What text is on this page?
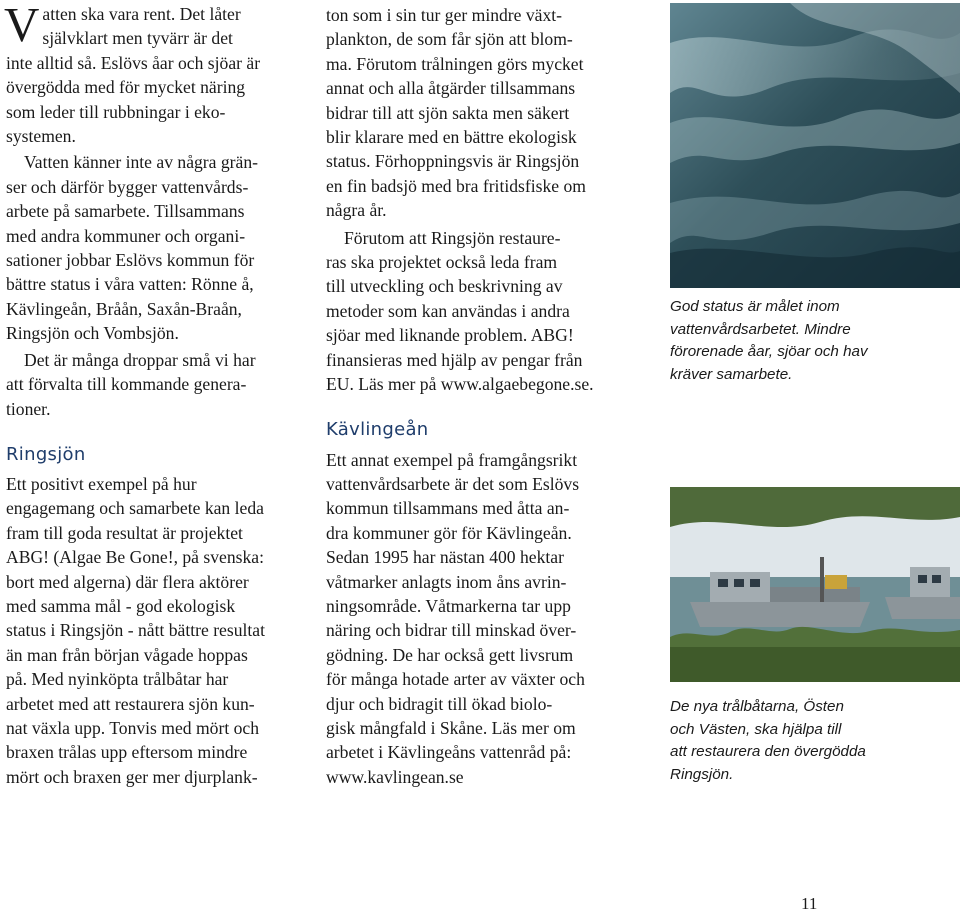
V atten ska vara rent. Det låter
självklart men tyvärr är det
inte alltid så. Eslövs åar och sjöar är
övergödda med för mycket näring
som leder till rubbningar i eko-
systemen.
Vatten känner inte av några grän-
ser och därför bygger vattenvårds-
arbete på samarbete. Tillsammans
med andra kommuner och organi-
sationer jobbar Eslövs kommun för
bättre status i våra vatten: Rönne å,
Kävlingeån, Bråån, Saxån-Braån,
Ringsjön och Vombsjön.
Det är många droppar små vi har
att förvalta till kommande genera-
tioner.
Ringsjön
Ett positivt exempel på hur
engagemang och samarbete kan leda
fram till goda resultat är projektet
ABG! (Algae Be Gone!, på svenska:
bort med algerna) där flera aktörer
med samma mål - god ekologisk
status i Ringsjön - nått bättre resultat
än man från början vågade hoppas
på. Med nyinköpta trålbåtar har
arbetet med att restaurera sjön kun-
nat växla upp. Tonvis med mört och
braxen trålas upp eftersom mindre
mört och braxen ger mer djurplank-
ton som i sin tur ger mindre växt-
plankton, de som får sjön att blom-
ma. Förutom trålningen görs mycket
annat och alla åtgärder tillsammans
bidrar till att sjön sakta men säkert
blir klarare med en bättre ekologisk
status. Förhoppningsvis är Ringsjön
en fin badsjö med bra fritidsfiske om
några år.
Förutom att Ringsjön restaure-
ras ska projektet också leda fram
till utveckling och beskrivning av
metoder som kan användas i andra
sjöar med liknande problem. ABG!
finansieras med hjälp av pengar från
EU. Läs mer på www.algaebegone.se.
Kävlingeån
Ett annat exempel på framgångsrikt
vattenvårdsarbete är det som Eslövs
kommun tillsammans med åtta an-
dra kommuner gör för Kävlingeån.
Sedan 1995 har nästan 400 hektar
våtmarker anlagts inom åns avrin-
ningsområde. Våtmarkerna tar upp
näring och bidrar till minskad över-
gödning. De har också gett livsrum
för många hotade arter av växter och
djur och bidragit till ökad biolo-
gisk mångfald i Skåne. Läs mer om
arbetet i Kävlingeåns vattenråd på:
www.kavlingean.se
God status är målet inom
vattenvårdsarbetet. Mindre
förorenade åar, sjöar och hav
kräver samarbete.
De nya trålbåtarna, Östen
och Västen, ska hjälpa till
att restaurera den övergödda
Ringsjön.
11
